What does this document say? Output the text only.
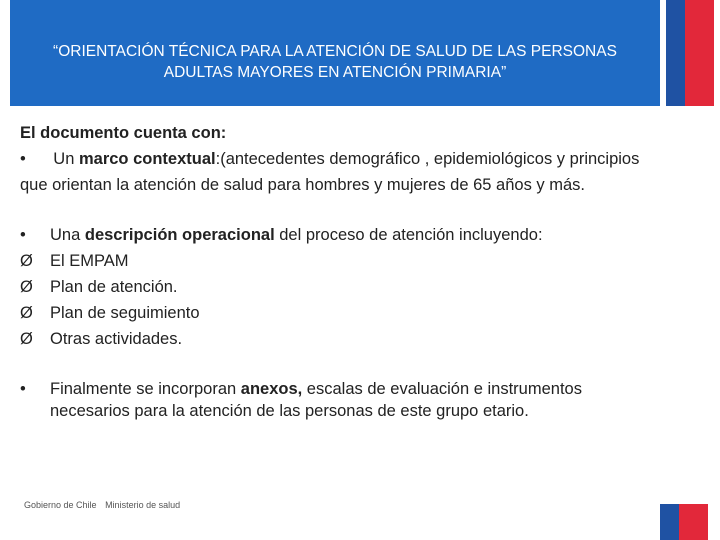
“ORIENTACIÓN TÉCNICA PARA LA ATENCIÓN DE SALUD DE LAS PERSONAS ADULTAS MAYORES EN ATENCIÓN PRIMARIA”
El documento cuenta con:
• Un marco contextual:(antecedentes demográfico , epidemiológicos y principios que orientan la atención de salud para hombres y mujeres de 65 años y más.
•	Una descripción operacional del proceso de atención incluyendo:
Ø	El EMPAM
Ø	Plan de atención.
Ø	Plan de seguimiento
Ø	Otras actividades.
•	Finalmente se incorporan anexos, escalas de evaluación e instrumentos necesarios para la atención de las personas de este grupo etario.
Gobierno de Chile Ministerio de salud
